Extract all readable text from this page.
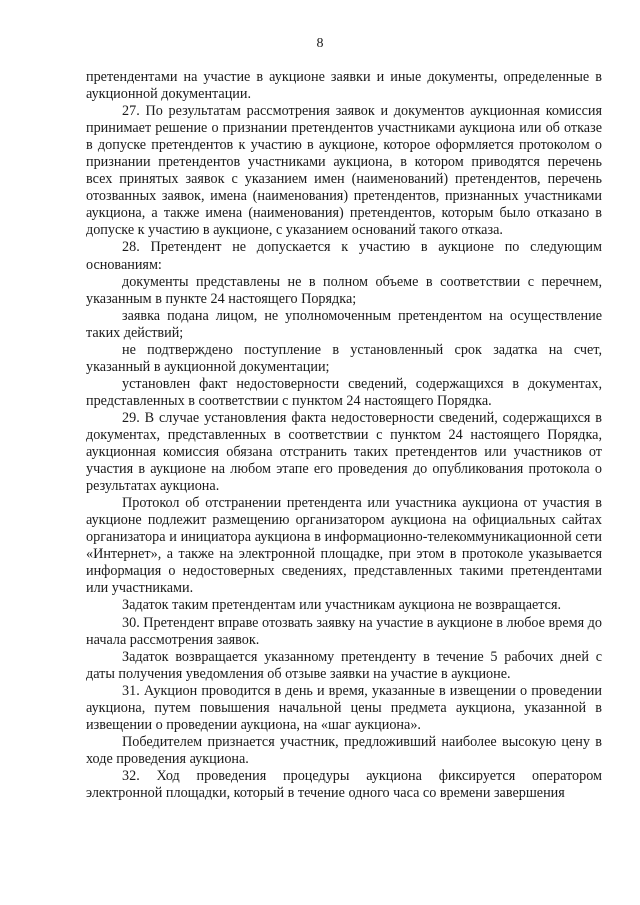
8

претендентами на участие в аукционе заявки и иные документы, определенные в аукционной документации.

27. По результатам рассмотрения заявок и документов аукционная комиссия принимает решение о признании претендентов участниками аукциона или об отказе в допуске претендентов к участию в аукционе, которое оформляется протоколом о признании претендентов участниками аукциона, в котором приводятся перечень всех принятых заявок с указанием имен (наименований) претендентов, перечень отозванных заявок, имена (наименования) претендентов, признанных участниками аукциона, а также имена (наименования) претендентов, которым было отказано в допуске к участию в аукционе, с указанием оснований такого отказа.

28. Претендент не допускается к участию в аукционе по следующим основаниям:

документы представлены не в полном объеме в соответствии с перечнем, указанным в пункте 24 настоящего Порядка;

заявка подана лицом, не уполномоченным претендентом на осуществление таких действий;

не подтверждено поступление в установленный срок задатка на счет, указанный в аукционной документации;

установлен факт недостоверности сведений, содержащихся в документах, представленных в соответствии с пунктом 24 настоящего Порядка.

29. В случае установления факта недостоверности сведений, содержащихся в документах, представленных в соответствии с пунктом 24 настоящего Порядка, аукционная комиссия обязана отстранить таких претендентов или участников от участия в аукционе на любом этапе его проведения до опубликования протокола о результатах аукциона.

Протокол об отстранении претендента или участника аукциона от участия в аукционе подлежит размещению организатором аукциона на официальных сайтах организатора и инициатора аукциона в информационно-телекоммуникационной сети «Интернет», а также на электронной площадке, при этом в протоколе указывается информация о недостоверных сведениях, представленных такими претендентами или участниками.

Задаток таким претендентам или участникам аукциона не возвращается.

30. Претендент вправе отозвать заявку на участие в аукционе в любое время до начала рассмотрения заявок.

Задаток возвращается указанному претенденту в течение 5 рабочих дней с даты получения уведомления об отзыве заявки на участие в аукционе.

31. Аукцион проводится в день и время, указанные в извещении о проведении аукциона, путем повышения начальной цены предмета аукциона, указанной в извещении о проведении аукциона, на «шаг аукциона».

Победителем признается участник, предложивший наиболее высокую цену в ходе проведения аукциона.

32. Ход проведения процедуры аукциона фиксируется оператором электронной площадки, который в течение одного часа со времени завершения
